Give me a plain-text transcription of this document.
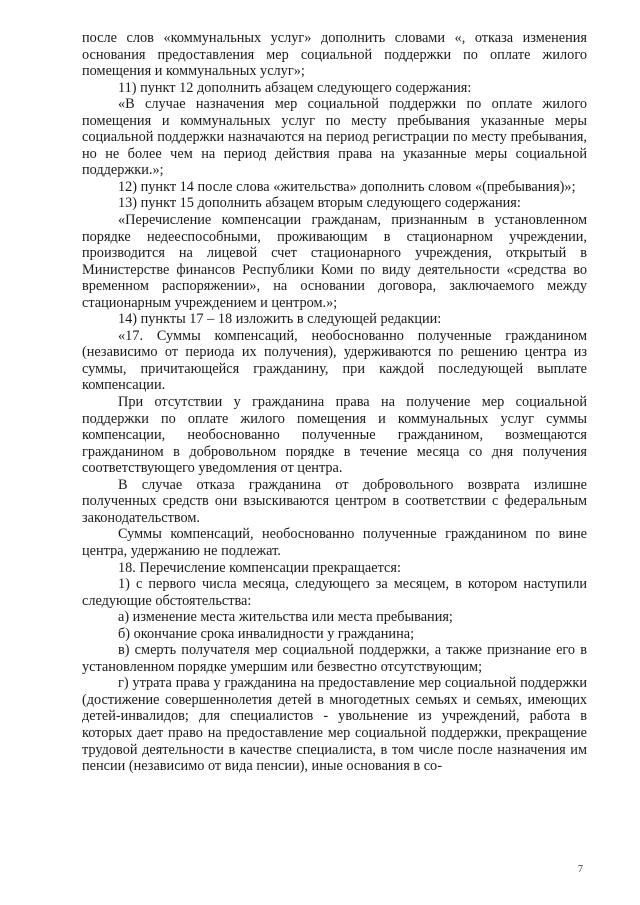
после слов «коммунальных услуг» дополнить словами «, отказа изменения основания предоставления мер социальной поддержки по оплате жилого помещения и коммунальных услуг»;

11) пункт 12 дополнить абзацем следующего содержания:

«В случае назначения мер социальной поддержки по оплате жилого помещения и коммунальных услуг по месту пребывания указанные меры социальной поддержки назначаются на период регистрации по месту пребывания, но не более чем на период действия права на указанные меры социальной поддержки.»;

12) пункт 14 после слова «жительства» дополнить словом «(пребывания)»;

13) пункт 15 дополнить абзацем вторым следующего содержания:

«Перечисление компенсации гражданам, признанным в установленном порядке недееспособными, проживающим в стационарном учреждении, производится на лицевой счет стационарного учреждения, открытый в Министерстве финансов Республики Коми по виду деятельности «средства во временном распоряжении», на основании договора, заключаемого между стационарным учреждением и центром.»;

14) пункты 17 – 18 изложить в следующей редакции:

«17. Суммы компенсаций, необоснованно полученные гражданином (независимо от периода их получения), удерживаются по решению центра из суммы, причитающейся гражданину, при каждой последующей выплате компенсации.

При отсутствии у гражданина права на получение мер социальной поддержки по оплате жилого помещения и коммунальных услуг суммы компенсации, необоснованно полученные гражданином, возмещаются гражданином в добровольном порядке в течение месяца со дня получения соответствующего уведомления от центра.

В случае отказа гражданина от добровольного возврата излишне полученных средств они взыскиваются центром в соответствии с федеральным законодательством.

Суммы компенсаций, необоснованно полученные гражданином по вине центра, удержанию не подлежат.

18. Перечисление компенсации прекращается:

1) с первого числа месяца, следующего за месяцем, в котором наступили следующие обстоятельства:

а) изменение места жительства или места пребывания;

б) окончание срока инвалидности у гражданина;

в) смерть получателя мер социальной поддержки, а также признание его в установленном порядке умершим или безвестно отсутствующим;

г) утрата права у гражданина на предоставление мер социальной поддержки (достижение совершеннолетия детей в многодетных семьях и семьях, имеющих детей-инвалидов; для специалистов - увольнение из учреждений, работа в которых дает право на предоставление мер социальной поддержки, прекращение трудовой деятельности в качестве специалиста, в том числе после назначения им пенсии (независимо от вида пенсии), иные основания в со-

7
